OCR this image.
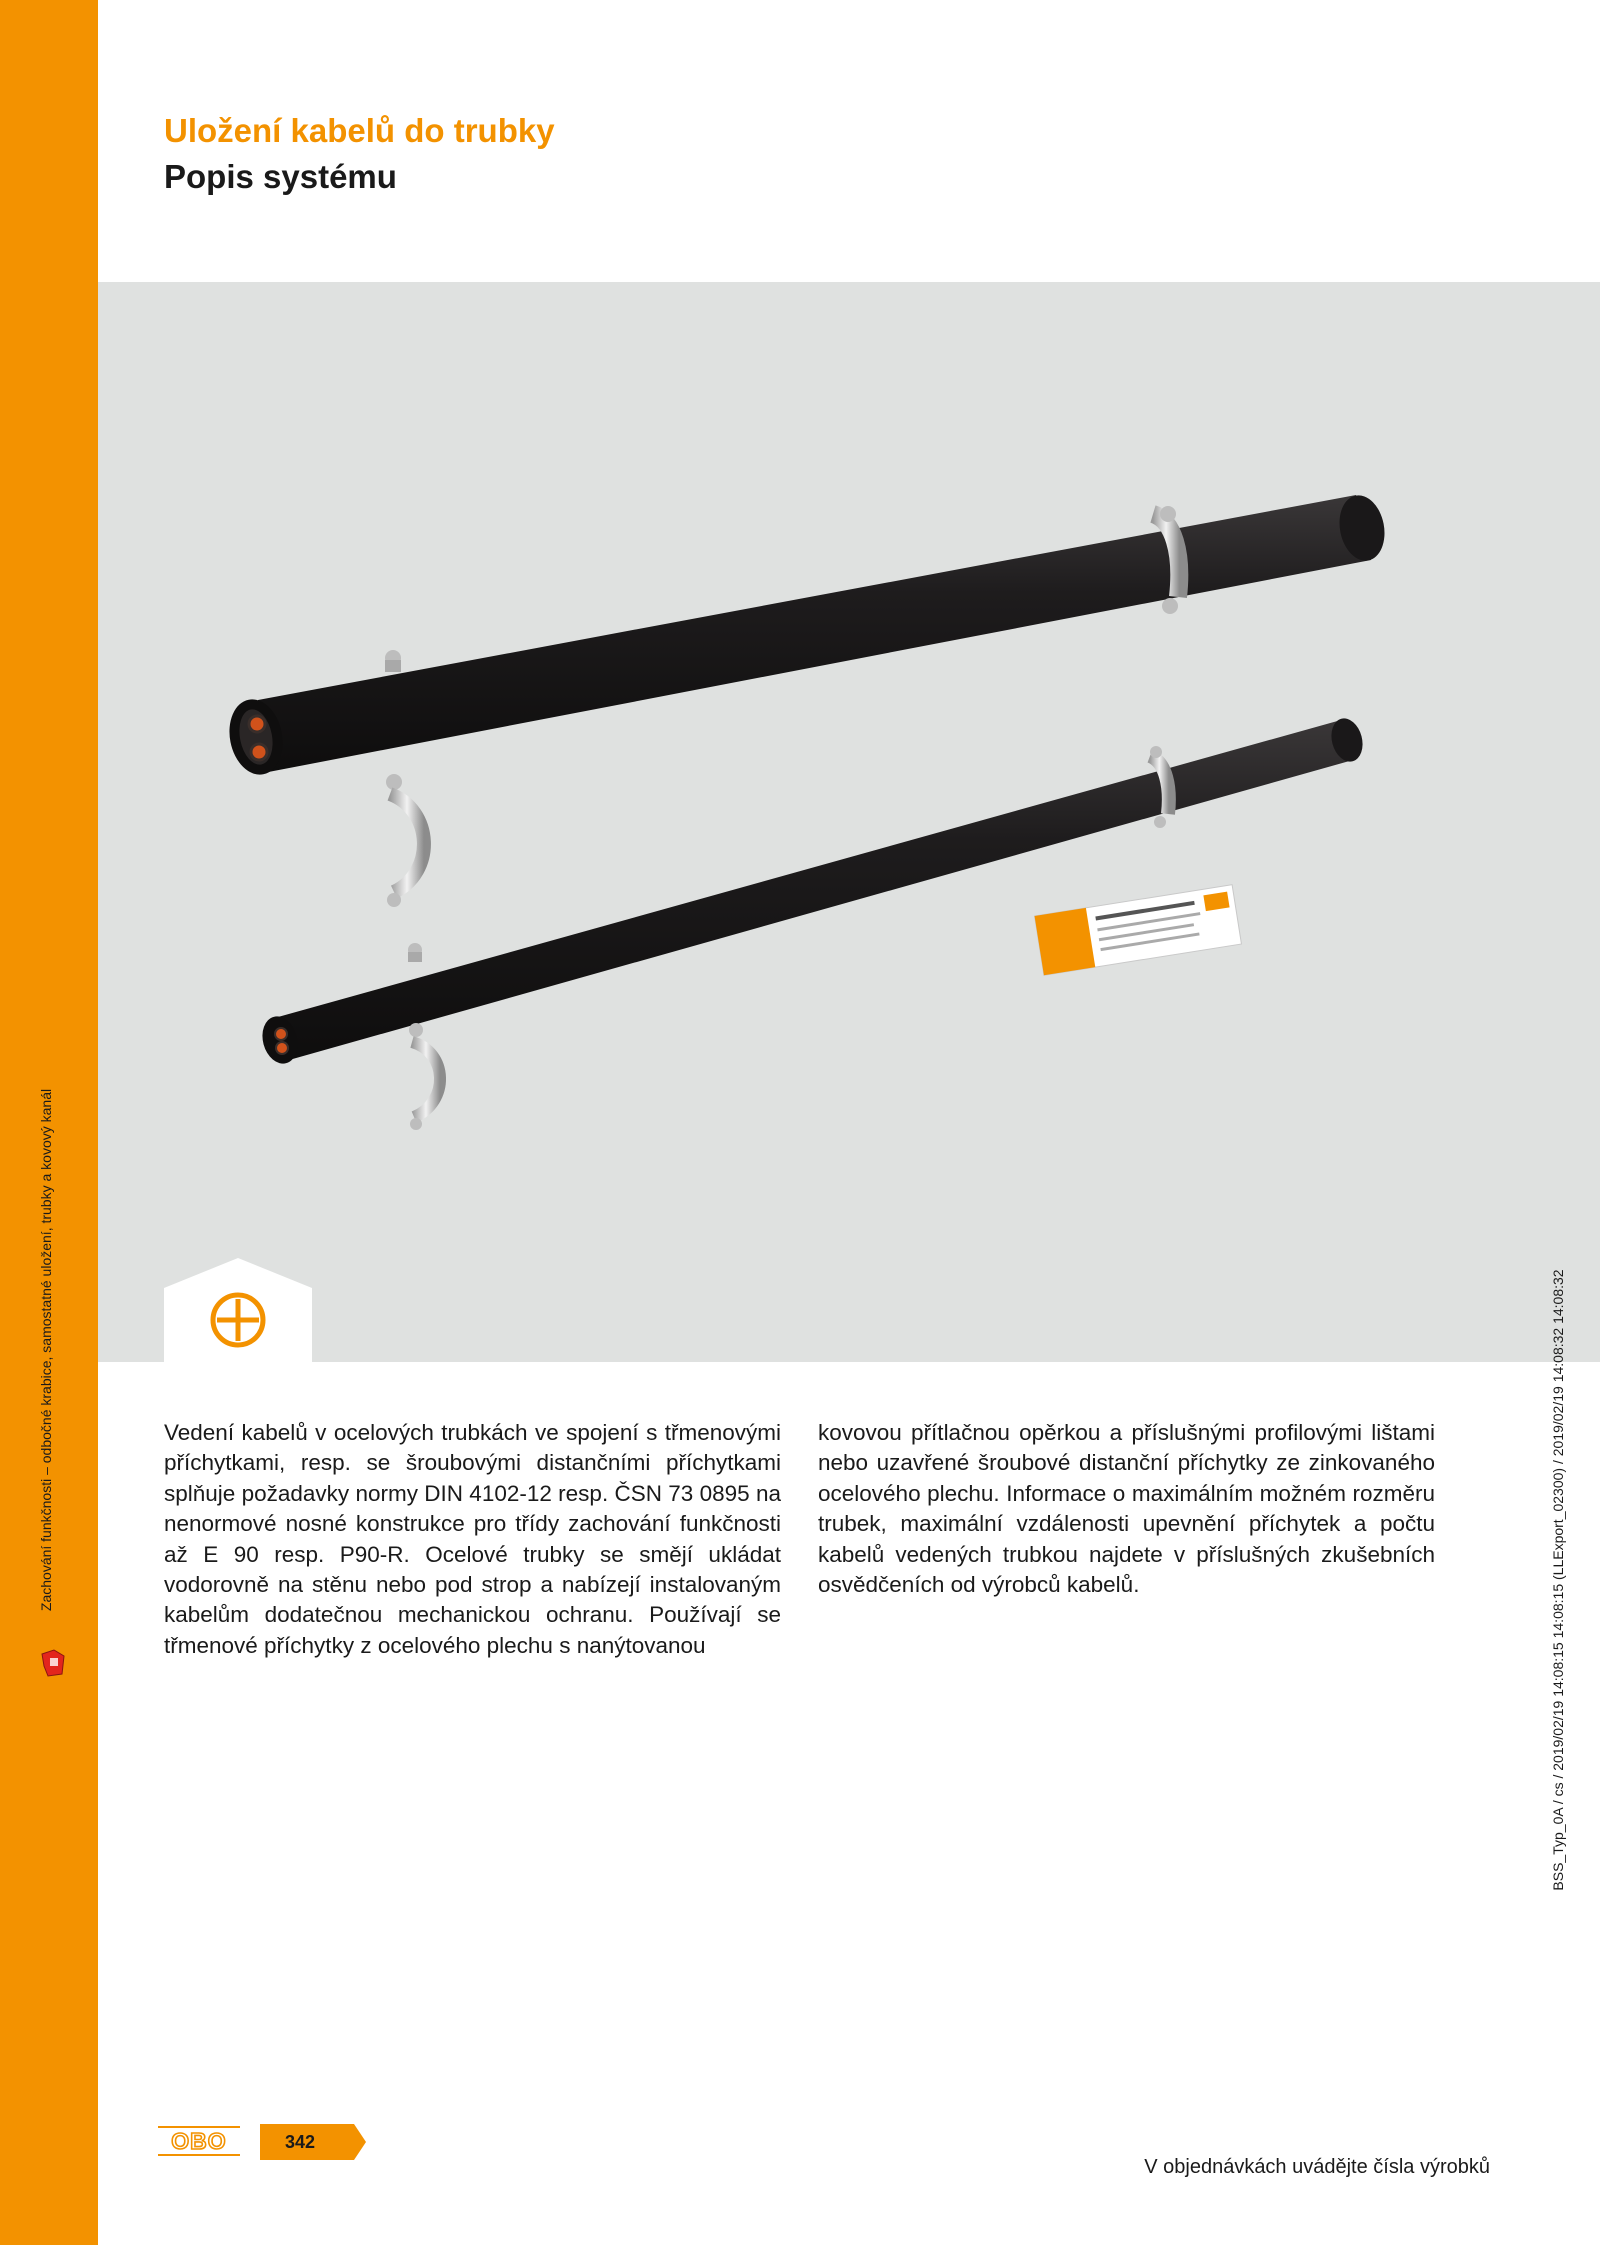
Zachování funkčnosti – odbočné krabice, samostatné uložení, trubky a kovový kanál
Uložení kabelů do trubky
Popis systému
Vedení kabelů v ocelových trubkách ve spojení s třmenovými příchytkami, resp. se šroubovými distančními příchytkami splňuje požadavky normy DIN 4102-12 resp. ČSN 73 0895 na nenormové nosné konstrukce pro třídy zachování funkčnosti až E 90 resp. P90-R. Ocelové trubky se smějí ukládat vodorovně na stěnu nebo pod strop a nabízejí instalovaným kabelům dodatečnou mechanickou ochranu. Používají se třmenové příchytky z ocelového plechu s nanýtovanou
kovovou přítlačnou opěrkou a příslušnými profilovými lištami nebo uzavřené šroubové distanční příchytky ze zinkovaného ocelového plechu. Informace o maximálním možném rozměru trubek, maximální vzdálenosti upevnění příchytek a počtu kabelů vedených trubkou najdete v příslušných zkušebních osvědčeních od výrobců kabelů.	BSS_Typ_0A / cs / 2019/02/19 14:08:15 14:08:15 (LLExport_02300) / 2019/02/19 14:08:32 14:08:32
OBO	342
V objednávkách uvádějte čísla výrobků
